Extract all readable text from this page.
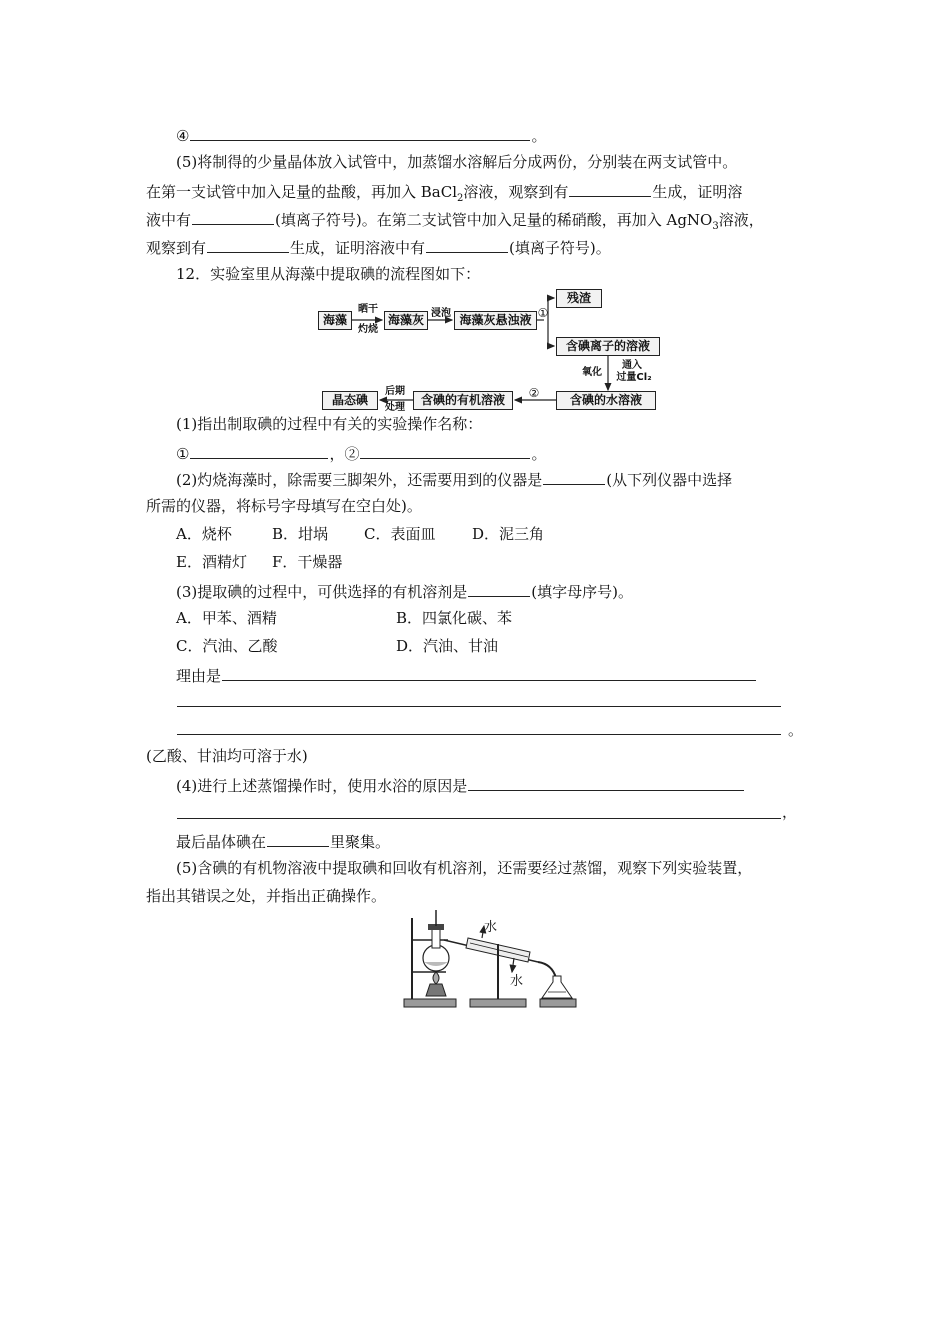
④	。
(5)将制得的少量晶体放入试管中，加蒸馏水溶解后分成两份，分别装在两支试管中。
在第一支试管中加入足量的盐酸，再加入 BaCl$_2$溶液，观察到有	生成，证明溶
液中有	(填离子符号)。在第二支试管中加入足量的稀硝酸，再加入 AgNO$_3$溶液，
观察到有	生成，证明溶液中有	(填离子符号)。
12．实验室里从海藻中提取碘的流程图如下：
海藻
晒干
灼烧
海藻灰 浸泡 海藻灰悬浊液 ①
残渣
含碘离子的溶液
氧化
通入
过量Cl₂
含碘的水溶液
②
含碘的有机溶液
后期
处理
晶态碘
(1)指出制取碘的过程中有关的实验操作名称：
①	，②	。
(2)灼烧海藻时，除需要三脚架外，还需要用到的仪器是	(从下列仪器中选择
所需的仪器，将标号字母填写在空白处)。
A．烧杯	B．坩埚 C．表面皿 D．泥三角
E．酒精灯 F．干燥器
(3)提取碘的过程中，可供选择的有机溶剂是	(填字母序号)。
A．甲苯、酒精	B．四氯化碳、苯
C．汽油、乙酸	D．汽油、甘油
理由是
。
(乙酸、甘油均可溶于水)
(4)进行上述蒸馏操作时，使用水浴的原因是
，
最后晶体碘在	里聚集。
(5)含碘的有机物溶液中提取碘和回收有机溶剂，还需要经过蒸馏，观察下列实验装置，
指出其错误之处，并指出正确操作。
水
水
